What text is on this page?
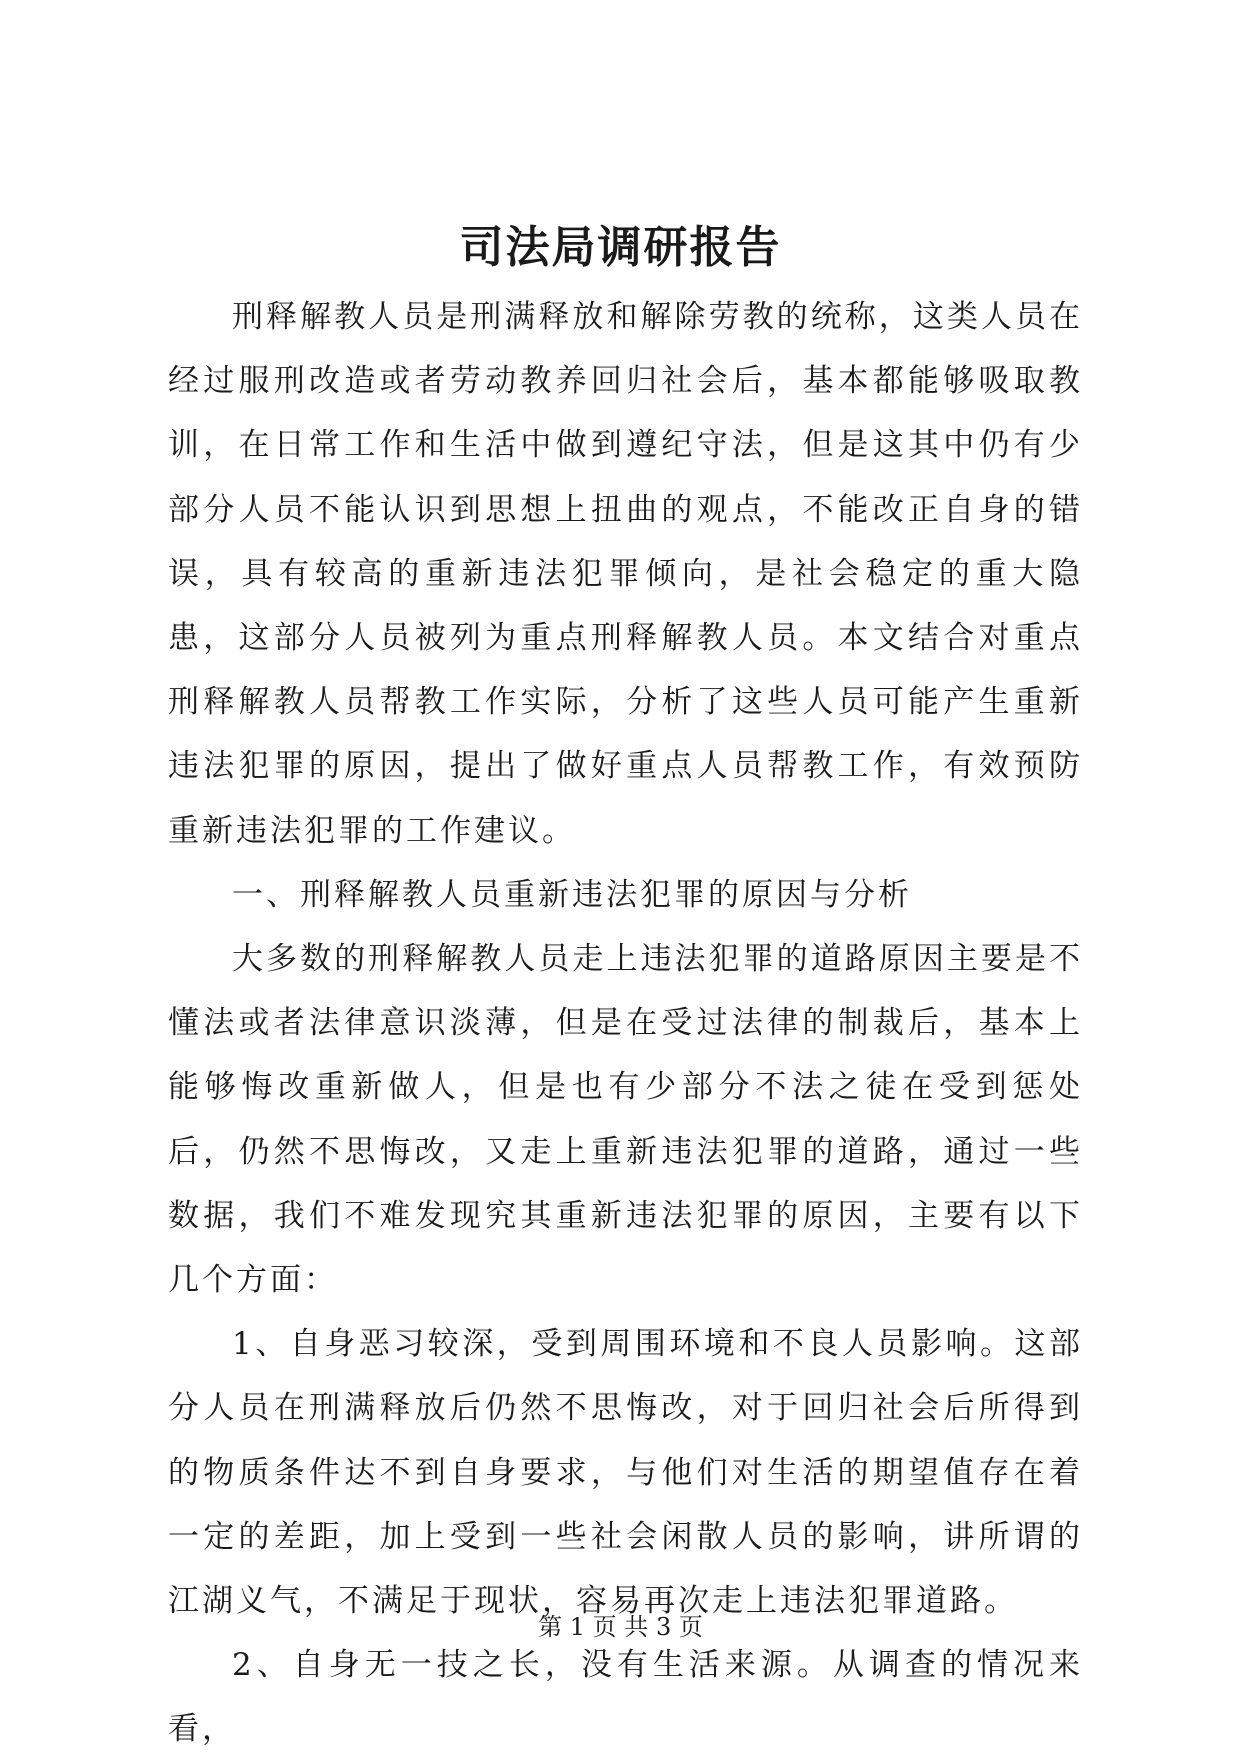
司法局调研报告

刑释解教人员是刑满释放和解除劳教的统称，这类人员在经过服刑改造或者劳动教养回归社会后，基本都能够吸取教训，在日常工作和生活中做到遵纪守法，但是这其中仍有少部分人员不能认识到思想上扭曲的观点，不能改正自身的错误，具有较高的重新违法犯罪倾向，是社会稳定的重大隐患，这部分人员被列为重点刑释解教人员。本文结合对重点刑释解教人员帮教工作实际，分析了这些人员可能产生重新违法犯罪的原因，提出了做好重点人员帮教工作，有效预防重新违法犯罪的工作建议。

一、刑释解教人员重新违法犯罪的原因与分析

大多数的刑释解教人员走上违法犯罪的道路原因主要是不懂法或者法律意识淡薄，但是在受过法律的制裁后，基本上能够悔改重新做人，但是也有少部分不法之徒在受到惩处后，仍然不思悔改，又走上重新违法犯罪的道路，通过一些数据，我们不难发现究其重新违法犯罪的原因，主要有以下几个方面：

1、自身恶习较深，受到周围环境和不良人员影响。这部分人员在刑满释放后仍然不思悔改，对于回归社会后所得到的物质条件达不到自身要求，与他们对生活的期望值存在着一定的差距，加上受到一些社会闲散人员的影响，讲所谓的江湖义气，不满足于现状，容易再次走上违法犯罪道路。

2、自身无一技之长，没有生活来源。从调查的情况来看，

第 1 页 共 3 页
